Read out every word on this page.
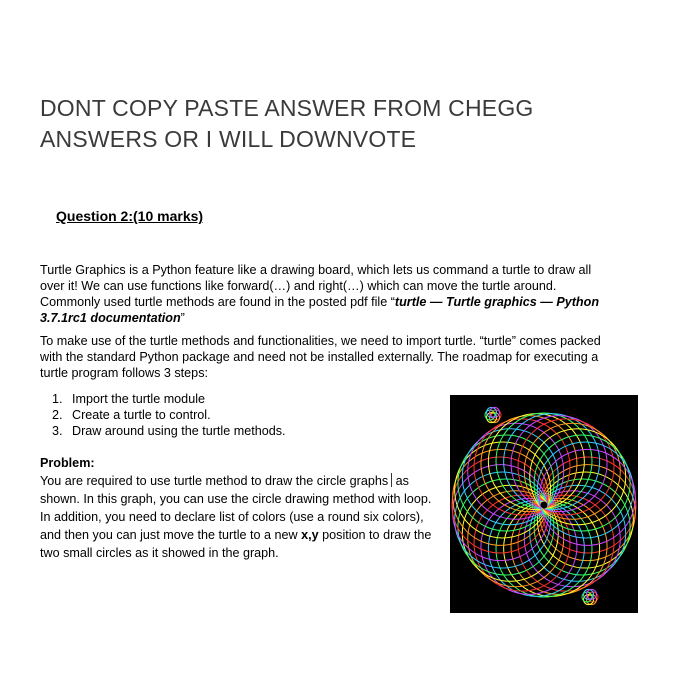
DONT COPY PASTE ANSWER FROM CHEGG ANSWERS OR I WILL DOWNVOTE
Question 2:(10 marks)

Turtle Graphics is a Python feature like a drawing board, which lets us command a turtle to draw all over it! We can use functions like forward(…) and right(…) which can move the turtle around. Commonly used turtle methods are found in the posted pdf file “turtle — Turtle graphics — Python 3.7.1rc1 documentation”

To make use of the turtle methods and functionalities, we need to import turtle. “turtle” comes packed with the standard Python package and need not be installed externally. The roadmap for executing a turtle program follows 3 steps:

1. Import the turtle module
2. Create a turtle to control.
3. Draw around using the turtle methods.
Problem:
You are required to use turtle method to draw the circle graphs as shown. In this graph, you can use the circle drawing method with loop. In addition, you need to declare list of colors (use a round six colors), and then you can just move the turtle to a new x,y position to draw the two small circles as it showed in the graph.
